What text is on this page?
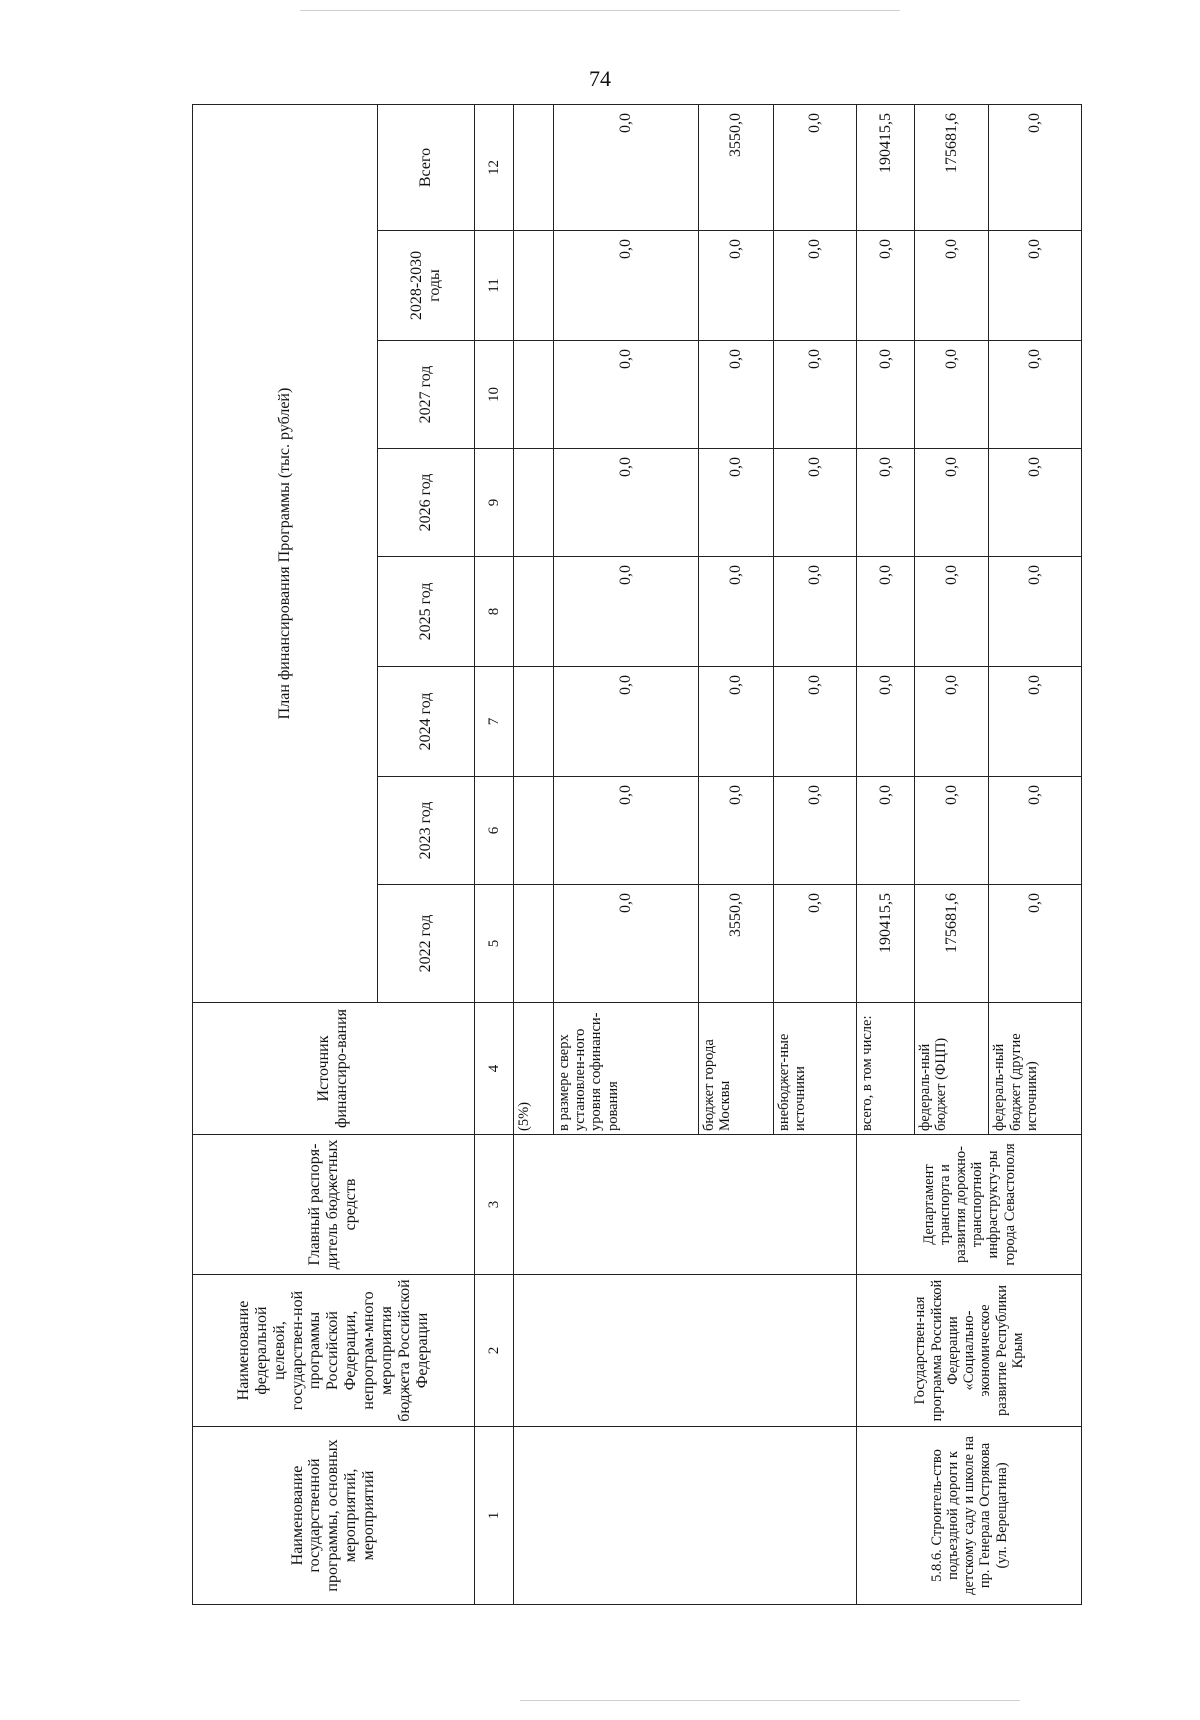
74
Наименование государственной программы, основных мероприятий, мероприятий	Наименование федеральной целевой, государствен-ной программы Российской Федерации, непрограм-много мероприятия бюджета Российской Федерации	Главный распоря-дитель бюджетных средств	Источник финансиро-вания	План финансирования Программы (тыс. рублей)							
				2022 год	2023 год	2024 год	2025 год	2026 год	2027 год	2028-2030 годы	Всего
1	2	3	4	5	6	7	8	9	10	11	12
			(5%)								
			в размере сверх установлен-ного уровня софинанси-рования	0,0	0,0	0,0	0,0	0,0	0,0	0,0	0,0
			бюджет города Москвы	3550,0	0,0	0,0	0,0	0,0	0,0	0,0	3550,0
			внебюджет-ные источники	0,0	0,0	0,0	0,0	0,0	0,0	0,0	0,0
5.8.6. Строитель-ство подъездной дороги к детскому саду и школе на пр. Генерала Острякова (ул. Верещагина)	Государствен-ная программа Российской Федерации «Социально-экономическое развитие Республики Крым	Департамент транспорта и развития дорожно-транспортной инфраструкту-ры города Севастополя	всего, в том числе:	190415,5	0,0	0,0	0,0	0,0	0,0	0,0	190415,5
			федераль-ный бюджет (ФЦП)	175681,6	0,0	0,0	0,0	0,0	0,0	0,0	175681,6
			федераль-ный бюджет (другие источники)	0,0	0,0	0,0	0,0	0,0	0,0	0,0	0,0
